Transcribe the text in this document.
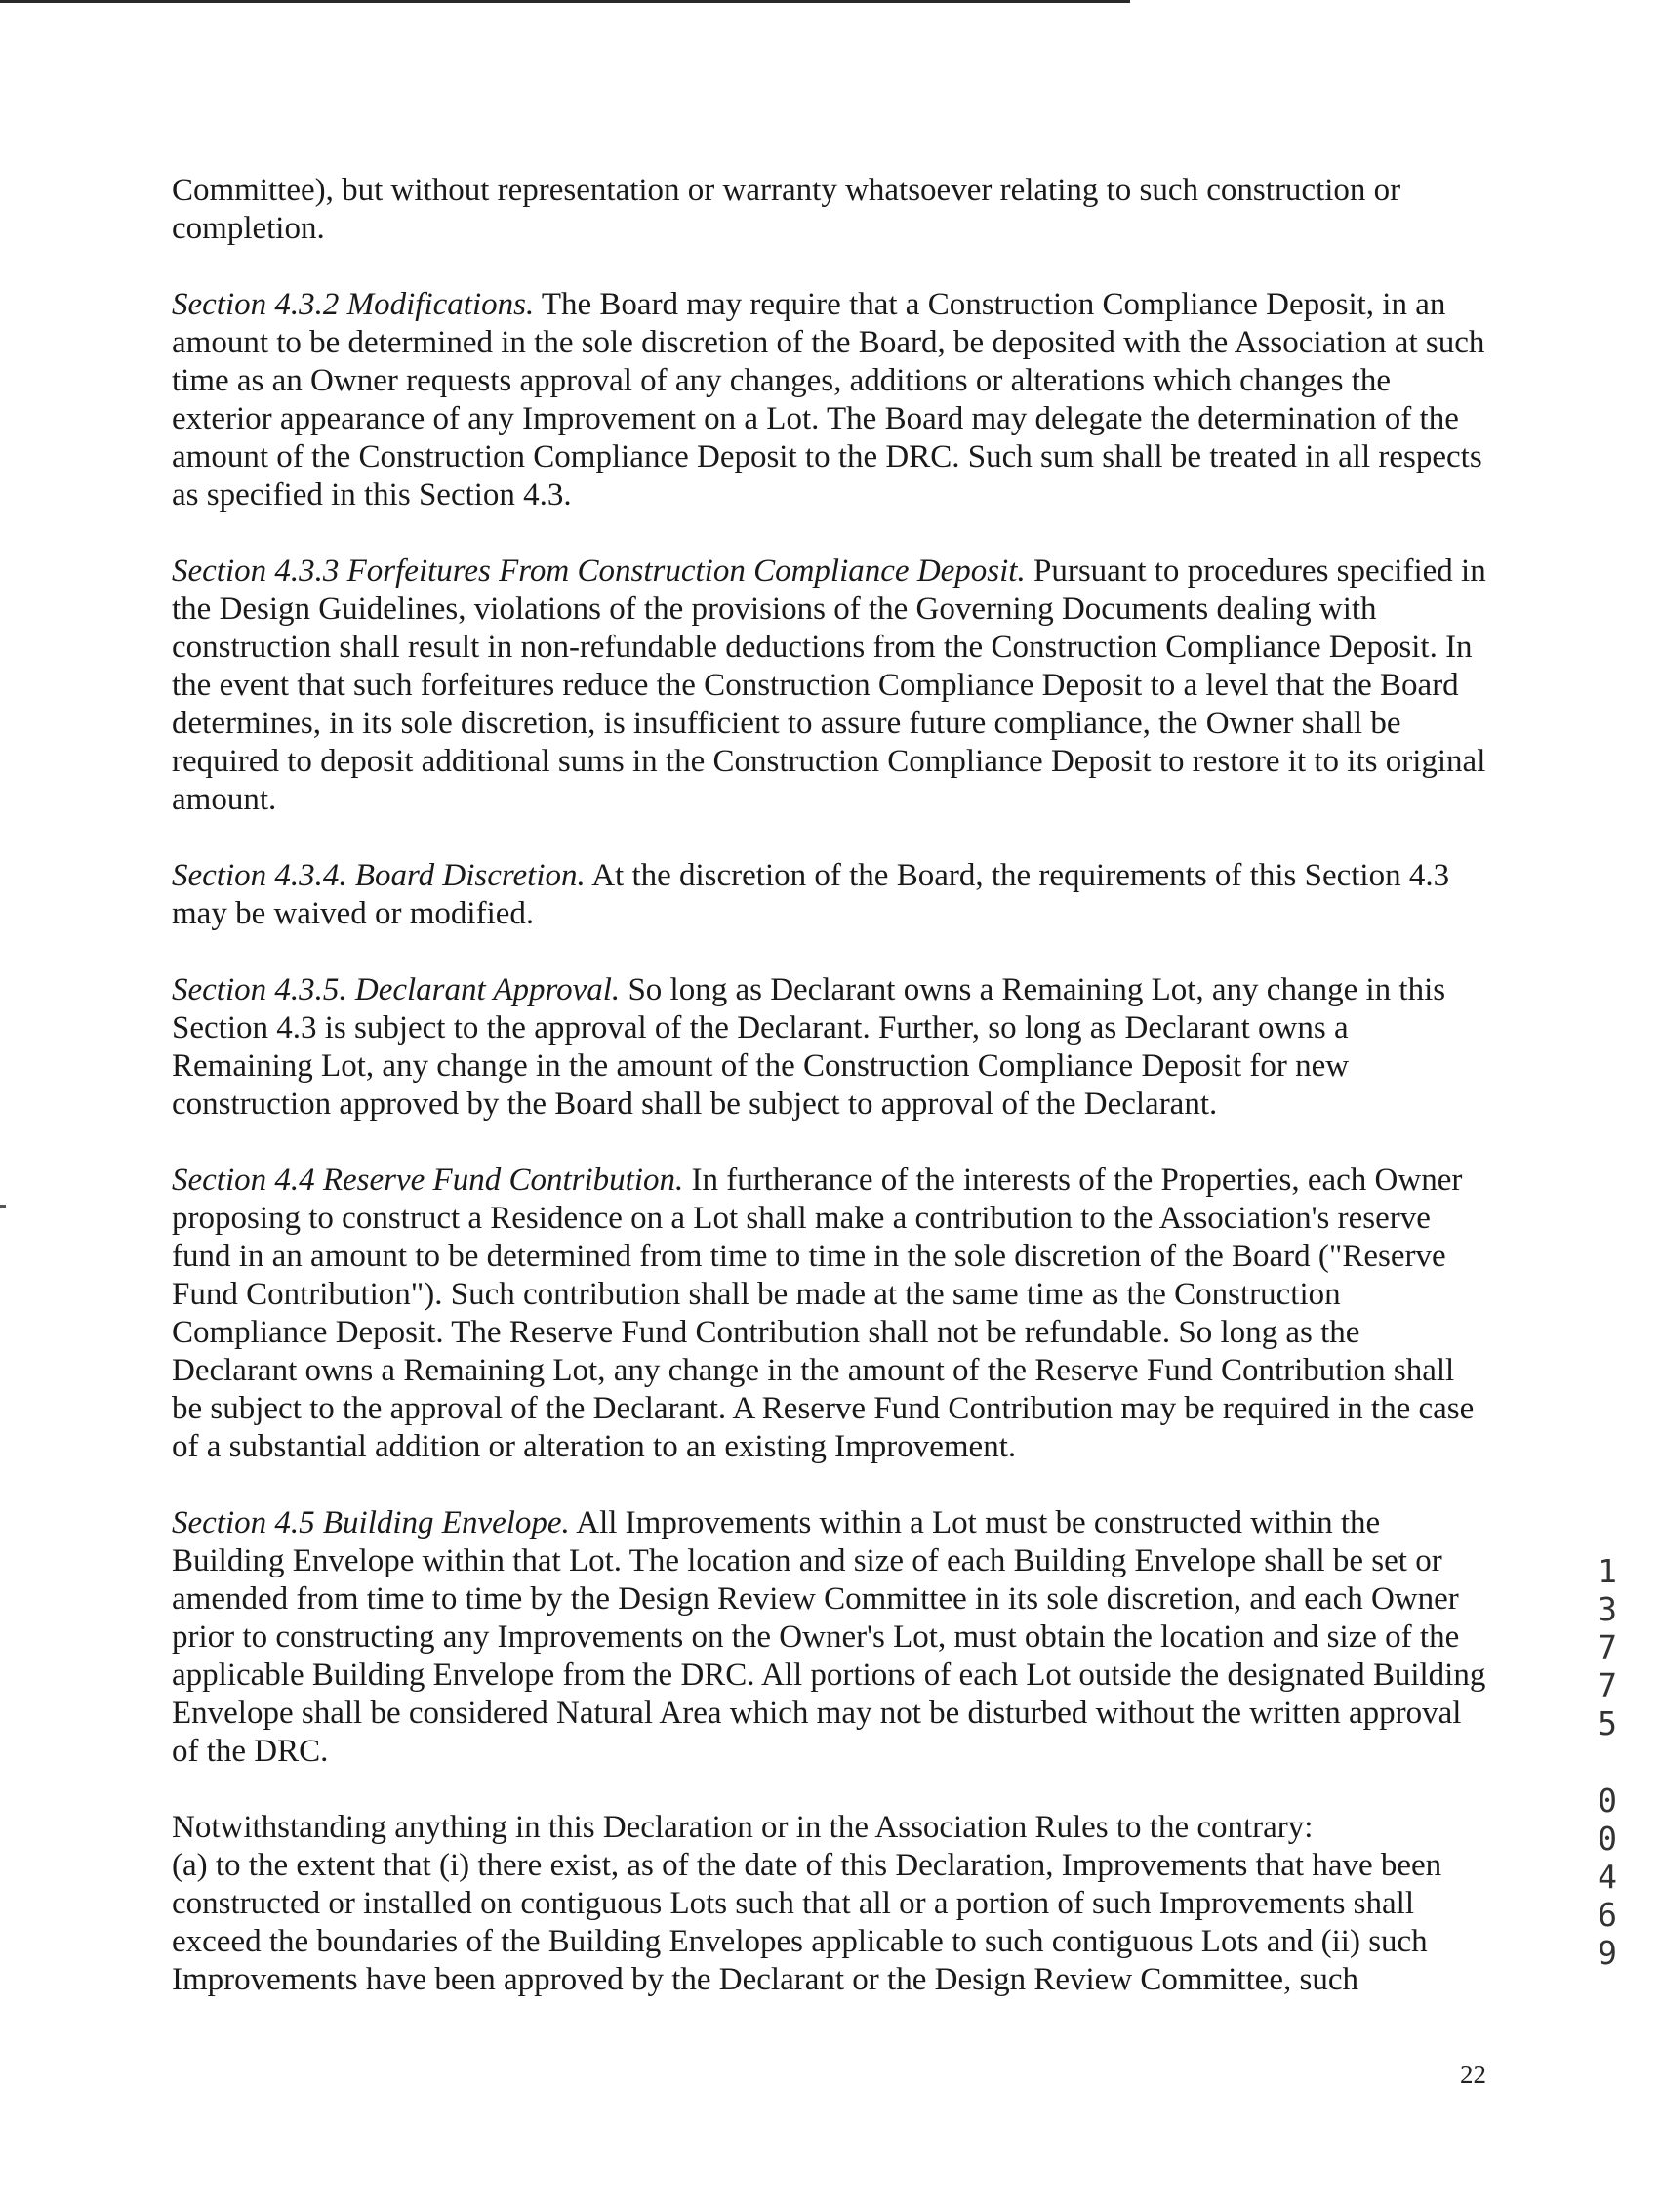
Committee), but without representation or warranty whatsoever relating to such construction or completion.

Section 4.3.2 Modifications. The Board may require that a Construction Compliance Deposit, in an amount to be determined in the sole discretion of the Board, be deposited with the Association at such time as an Owner requests approval of any changes, additions or alterations which changes the exterior appearance of any Improvement on a Lot. The Board may delegate the determination of the amount of the Construction Compliance Deposit to the DRC. Such sum shall be treated in all respects as specified in this Section 4.3.

Section 4.3.3 Forfeitures From Construction Compliance Deposit. Pursuant to procedures specified in the Design Guidelines, violations of the provisions of the Governing Documents dealing with construction shall result in non-refundable deductions from the Construction Compliance Deposit. In the event that such forfeitures reduce the Construction Compliance Deposit to a level that the Board determines, in its sole discretion, is insufficient to assure future compliance, the Owner shall be required to deposit additional sums in the Construction Compliance Deposit to restore it to its original amount.

Section 4.3.4. Board Discretion. At the discretion of the Board, the requirements of this Section 4.3 may be waived or modified.

Section 4.3.5. Declarant Approval. So long as Declarant owns a Remaining Lot, any change in this Section 4.3 is subject to the approval of the Declarant. Further, so long as Declarant owns a Remaining Lot, any change in the amount of the Construction Compliance Deposit for new construction approved by the Board shall be subject to approval of the Declarant.

Section 4.4 Reserve Fund Contribution. In furtherance of the interests of the Properties, each Owner proposing to construct a Residence on a Lot shall make a contribution to the Association's reserve fund in an amount to be determined from time to time in the sole discretion of the Board ("Reserve Fund Contribution"). Such contribution shall be made at the same time as the Construction Compliance Deposit. The Reserve Fund Contribution shall not be refundable. So long as the Declarant owns a Remaining Lot, any change in the amount of the Reserve Fund Contribution shall be subject to the approval of the Declarant. A Reserve Fund Contribution may be required in the case of a substantial addition or alteration to an existing Improvement.

Section 4.5 Building Envelope. All Improvements within a Lot must be constructed within the Building Envelope within that Lot. The location and size of each Building Envelope shall be set or amended from time to time by the Design Review Committee in its sole discretion, and each Owner prior to constructing any Improvements on the Owner's Lot, must obtain the location and size of the applicable Building Envelope from the DRC. All portions of each Lot outside the designated Building Envelope shall be considered Natural Area which may not be disturbed without the written approval of the DRC.

Notwithstanding anything in this Declaration or in the Association Rules to the contrary:

(a) to the extent that (i) there exist, as of the date of this Declaration, Improvements that have been constructed or installed on contiguous Lots such that all or a portion of such Improvements shall exceed the boundaries of the Building Envelopes applicable to such contiguous Lots and (ii) such Improvements have been approved by the Declarant or the Design Review Committee, such

1
3
7
7
5
0
0
4
6
9
22
